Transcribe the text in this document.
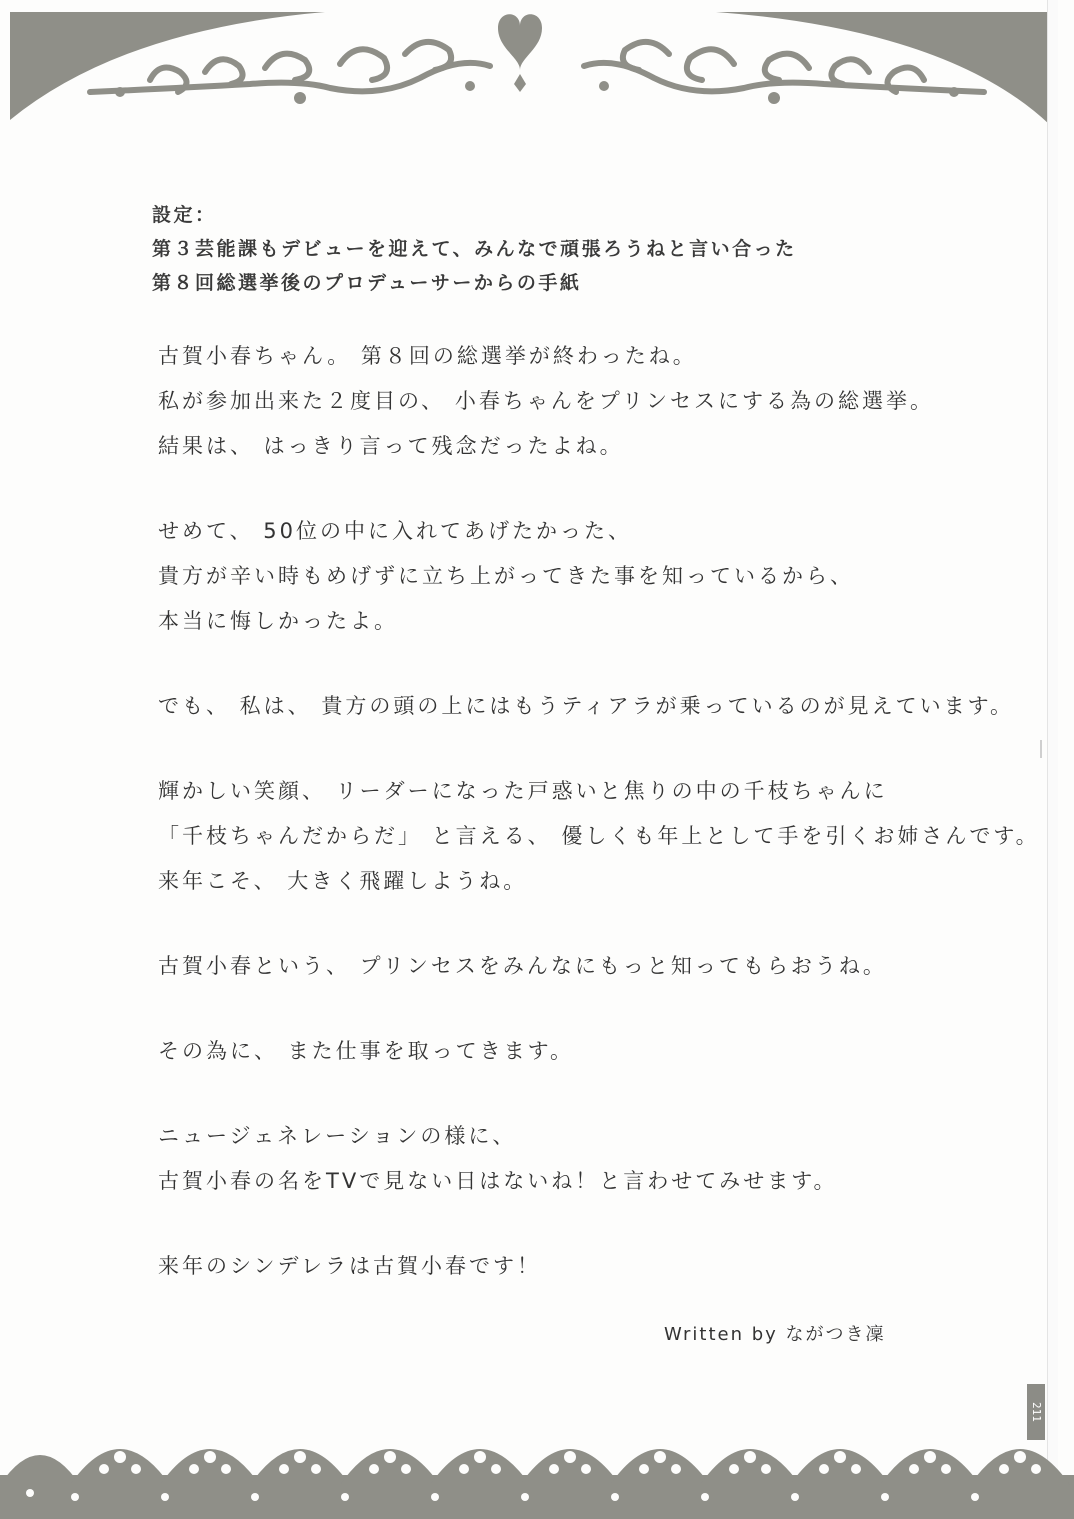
設定：
第３芸能課もデビューを迎えて、みんなで頑張ろうねと言い合った
第８回総選挙後のプロデューサーからの手紙
古賀小春ちゃん。 第８回の総選挙が終わったね。
私が参加出来た２度目の、 小春ちゃんをプリンセスにする為の総選挙。
結果は、 はっきり言って残念だったよね。
せめて、 50位の中に入れてあげたかった、
貴方が辛い時もめげずに立ち上がってきた事を知っているから、
本当に悔しかったよ。
でも、 私は、 貴方の頭の上にはもうティアラが乗っているのが見えています。
輝かしい笑顔、 リーダーになった戸惑いと焦りの中の千枝ちゃんに
「千枝ちゃんだからだ」 と言える、 優しくも年上として手を引くお姉さんです。
来年こそ、 大きく飛躍しようね。
古賀小春という、 プリンセスをみんなにもっと知ってもらおうね。
その為に、 また仕事を取ってきます。
ニュージェネレーションの様に、
古賀小春の名をTVで見ない日はないね！と言わせてみせます。
来年のシンデレラは古賀小春です！
Written by ながつき凜
211
